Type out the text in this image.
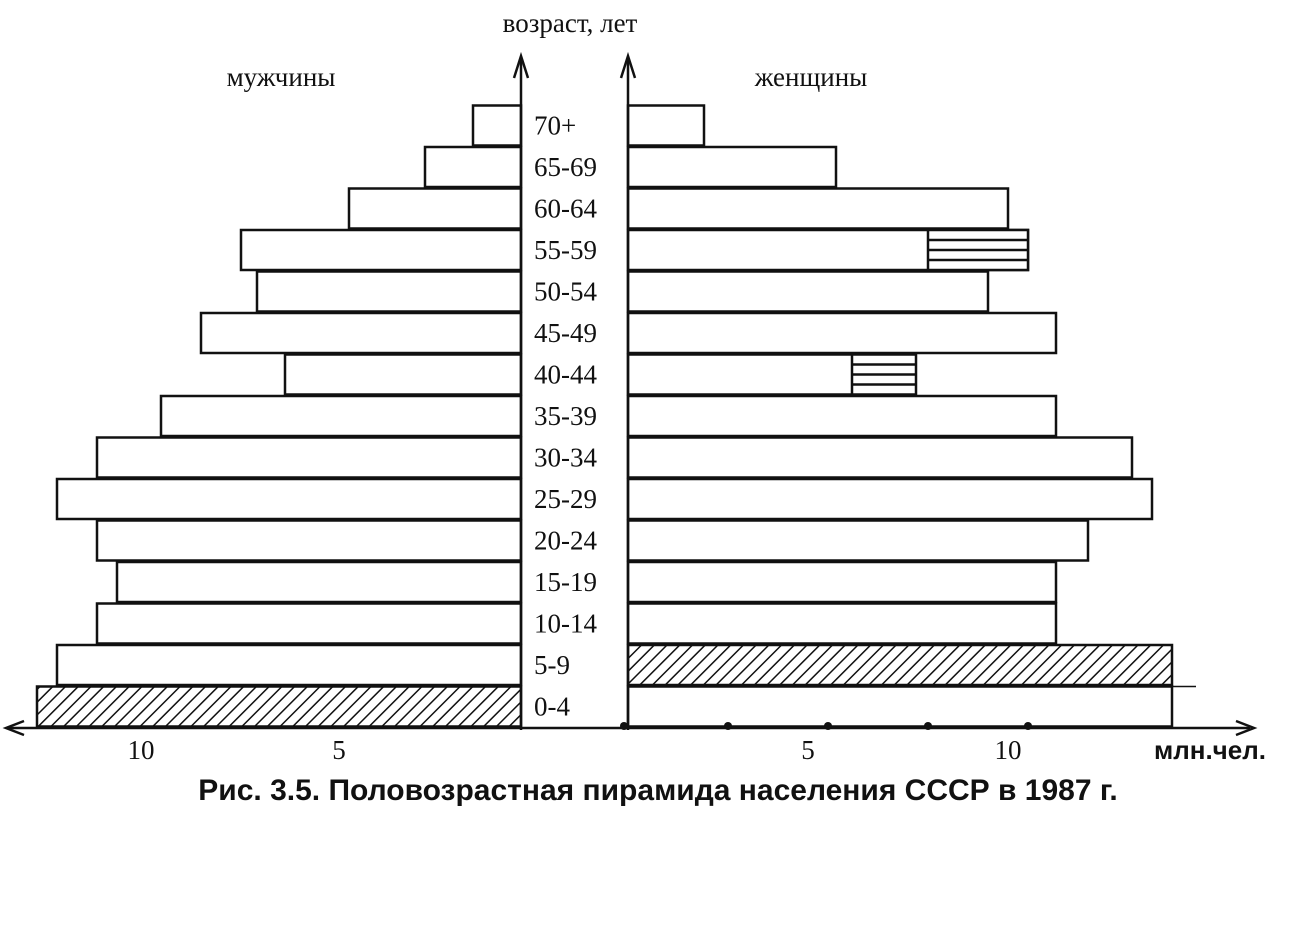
0-4
5-9
10-14
15-19
20-24
25-29
30-34
35-39
40-44
45-49
50-54
55-59
60-64
65-69
70+
10	5	5	10
возраст, лет
мужчины	женщины
млн.чел.
Рис. 3.5. Половозрастная пирамида населения СССР в 1987 г.
